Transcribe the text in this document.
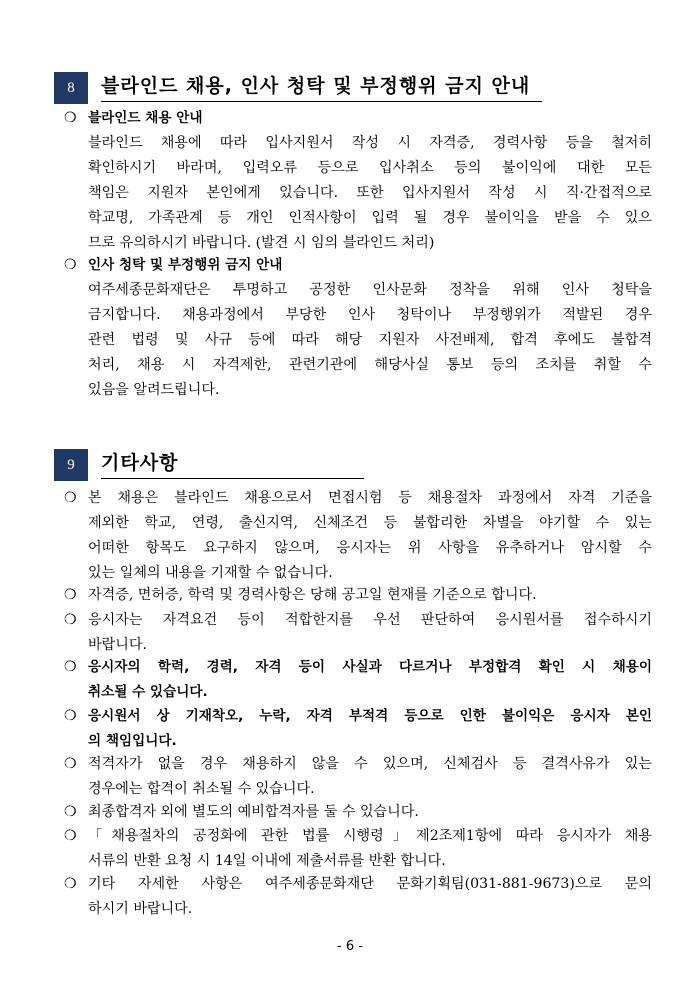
8	블라인드 채용, 인사 청탁 및 부정행위 금지 안내
❍ 블라인드 채용 안내
블라인드 채용에 따라 입사지원서 작성 시 자격증, 경력사항 등을 철저히
확인하시기 바라며, 입력오류 등으로 입사취소 등의 불이익에 대한 모든
책임은 지원자 본인에게 있습니다. 또한 입사지원서 작성 시 직·간접적으로
학교명, 가족관계 등 개인 인적사항이 입력 될 경우 불이익을 받을 수 있으
므로 유의하시기 바랍니다. (발견 시 임의 블라인드 처리)
❍ 인사 청탁 및 부정행위 금지 안내
여주세종문화재단은 투명하고 공정한 인사문화 정착을 위해 인사 청탁을
금지합니다. 채용과정에서 부당한 인사 청탁이나 부정행위가 적발된 경우
관련 법령 및 사규 등에 따라 해당 지원자 사전배제, 합격 후에도 불합격
처리, 채용 시 자격제한, 관련기관에 해당사실 통보 등의 조치를 취할 수
있음을 알려드립니다.
9	기타사항
❍ 본 채용은 블라인드 채용으로서 면접시험 등 채용절차 과정에서 자격 기준을
제외한 학교, 연령, 출신지역, 신체조건 등 불합리한 차별을 야기할 수 있는
어떠한 항목도 요구하지 않으며, 응시자는 위 사항을 유추하거나 암시할 수
있는 일체의 내용을 기재할 수 없습니다.
❍ 자격증, 면허증, 학력 및 경력사항은 당해 공고일 현재를 기준으로 합니다.
❍ 응시자는 자격요건 등이 적합한지를 우선 판단하여 응시원서를 접수하시기
바랍니다.
❍ 응시자의 학력, 경력, 자격 등이 사실과 다르거나 부정합격 확인 시 채용이
취소될 수 있습니다.
❍ 응시원서 상 기재착오, 누락, 자격 부적격 등으로 인한 불이익은 응시자 본인
의 책임입니다.
❍ 적격자가 없을 경우 채용하지 않을 수 있으며, 신체검사 등 결격사유가 있는
경우에는 합격이 취소될 수 있습니다.
❍ 최종합격자 외에 별도의 예비합격자를 둘 수 있습니다.
❍ 「채용절차의 공정화에 관한 법률 시행령」제2조제1항에 따라 응시자가 채용
서류의 반환 요청 시 14일 이내에 제출서류를 반환 합니다.
❍ 기타 자세한 사항은 여주세종문화재단 문화기획팀(031-881-9673)으로 문의
하시기 바랍니다.
- 6 -
